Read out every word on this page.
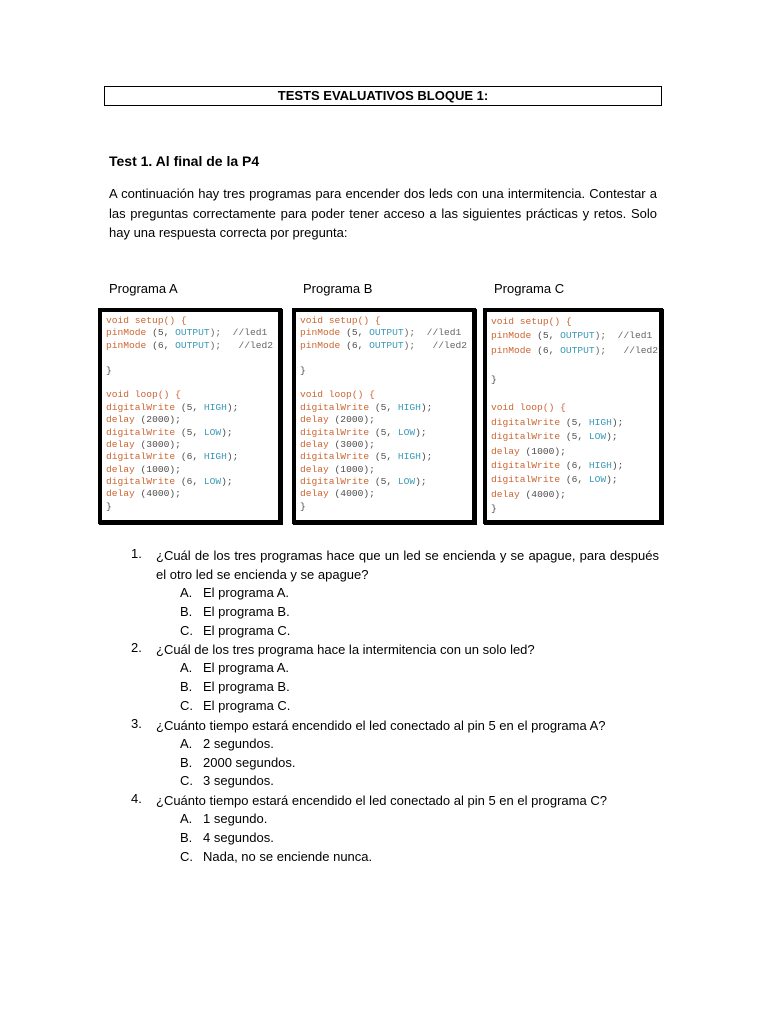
TESTS EVALUATIVOS BLOQUE 1:
Test 1. Al final de la P4

A continuación hay tres programas para encender dos leds con una intermitencia. Contestar a las preguntas correctamente para poder tener acceso a las siguientes prácticas y retos. Solo hay una respuesta correcta por pregunta:

Programa A	Programa B	Programa C
void setup() {
pinMode (5, OUTPUT);  //led1
pinMode (6, OUTPUT);   //led2
}
void loop() {
digitalWrite (5, HIGH);
delay (2000);
digitalWrite (5, LOW);
delay (3000);
digitalWrite (6, HIGH);
delay (1000);
digitalWrite (6, LOW);
delay (4000);
}
void setup() {
pinMode (5, OUTPUT);  //led1
pinMode (6, OUTPUT);   //led2
}
void loop() {
digitalWrite (5, HIGH);
delay (2000);
digitalWrite (5, LOW);
delay (3000);
digitalWrite (5, HIGH);
delay (1000);
digitalWrite (5, LOW);
delay (4000);
}
void setup() {
pinMode (5, OUTPUT);  //led1
pinMode (6, OUTPUT);   //led2
}
void loop() {
digitalWrite (5, HIGH);
digitalWrite (5, LOW);
delay (1000);
digitalWrite (6, HIGH);
digitalWrite (6, LOW);
delay (4000);
}
1. ¿Cuál de los tres programas hace que un led se encienda y se apague, para después el otro led se encienda y se apague?
A. El programa A.
B. El programa B.
C. El programa C.
2. ¿Cuál de los tres programa hace la intermitencia con un solo led?
A. El programa A.
B. El programa B.
C. El programa C.
3. ¿Cuánto tiempo estará encendido el led conectado al pin 5 en el programa A?
A. 2 segundos.
B. 2000 segundos.
C. 3 segundos.
4. ¿Cuánto tiempo estará encendido el led conectado al pin 5 en el programa C?
A. 1 segundo.
B. 4 segundos.
C. Nada, no se enciende nunca.
